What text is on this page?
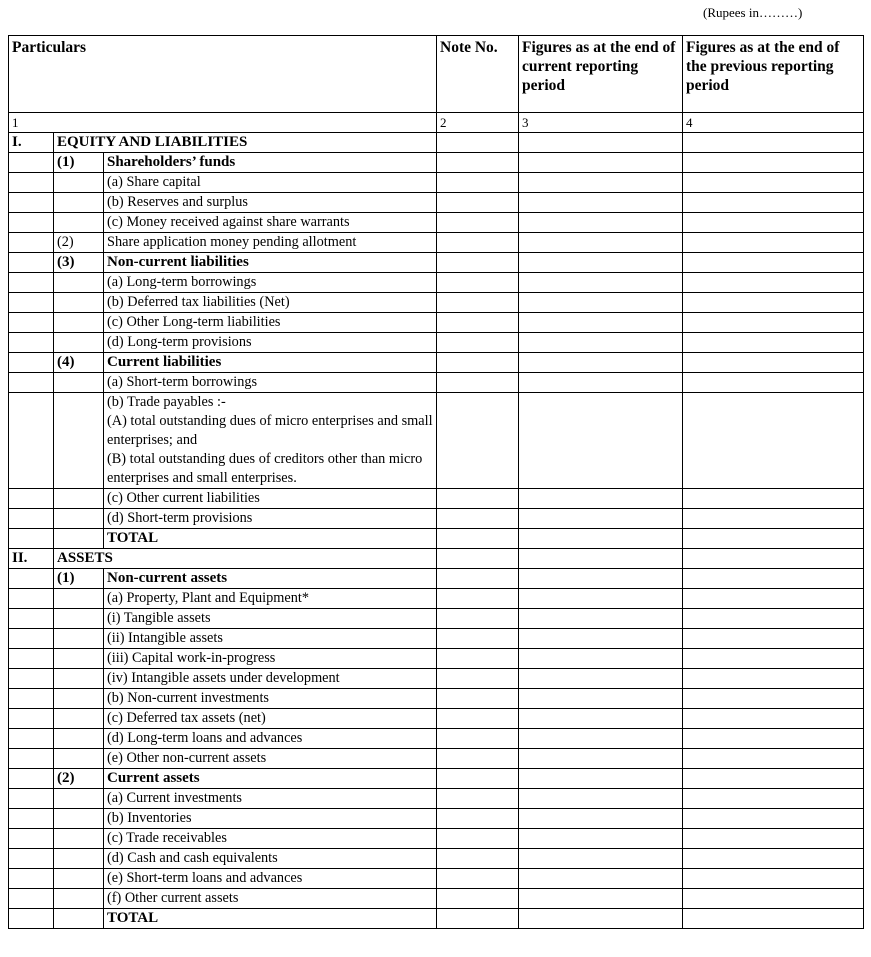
(Rupees in………)
Particulars			Note No.	Figures as at the end of current reporting period	Figures as at the end of the previous reporting period
1			2	3	4
I.	EQUITY AND LIABILITIES				
	(1)	Shareholders’ funds			
		(a) Share capital			
		(b) Reserves and surplus			
		(c) Money received against share warrants			
	(2)	Share application money pending allotment			
	(3)	Non-current liabilities			
		(a) Long-term borrowings			
		(b) Deferred tax liabilities (Net)			
		(c) Other Long-term liabilities			
		(d) Long-term provisions			
	(4)	Current liabilities			
		(a) Short-term borrowings			
		(b) Trade payables :-
(A) total outstanding dues of micro enterprises and small enterprises; and
(B) total outstanding dues of creditors other than micro enterprises and small enterprises.			
		(c) Other current liabilities			
		(d) Short-term provisions			
		TOTAL			
II.	ASSETS				
	(1)	Non-current assets			
		(a) Property, Plant and Equipment*			
		(i) Tangible assets			
		(ii) Intangible assets			
		(iii) Capital work-in-progress			
		(iv) Intangible assets under development			
		(b) Non-current investments			
		(c) Deferred tax assets (net)			
		(d) Long-term loans and advances			
		(e) Other non-current assets			
	(2)	Current assets			
		(a) Current investments			
		(b) Inventories			
		(c) Trade receivables			
		(d) Cash and cash equivalents			
		(e) Short-term loans and advances			
		(f) Other current assets			
		TOTAL			
